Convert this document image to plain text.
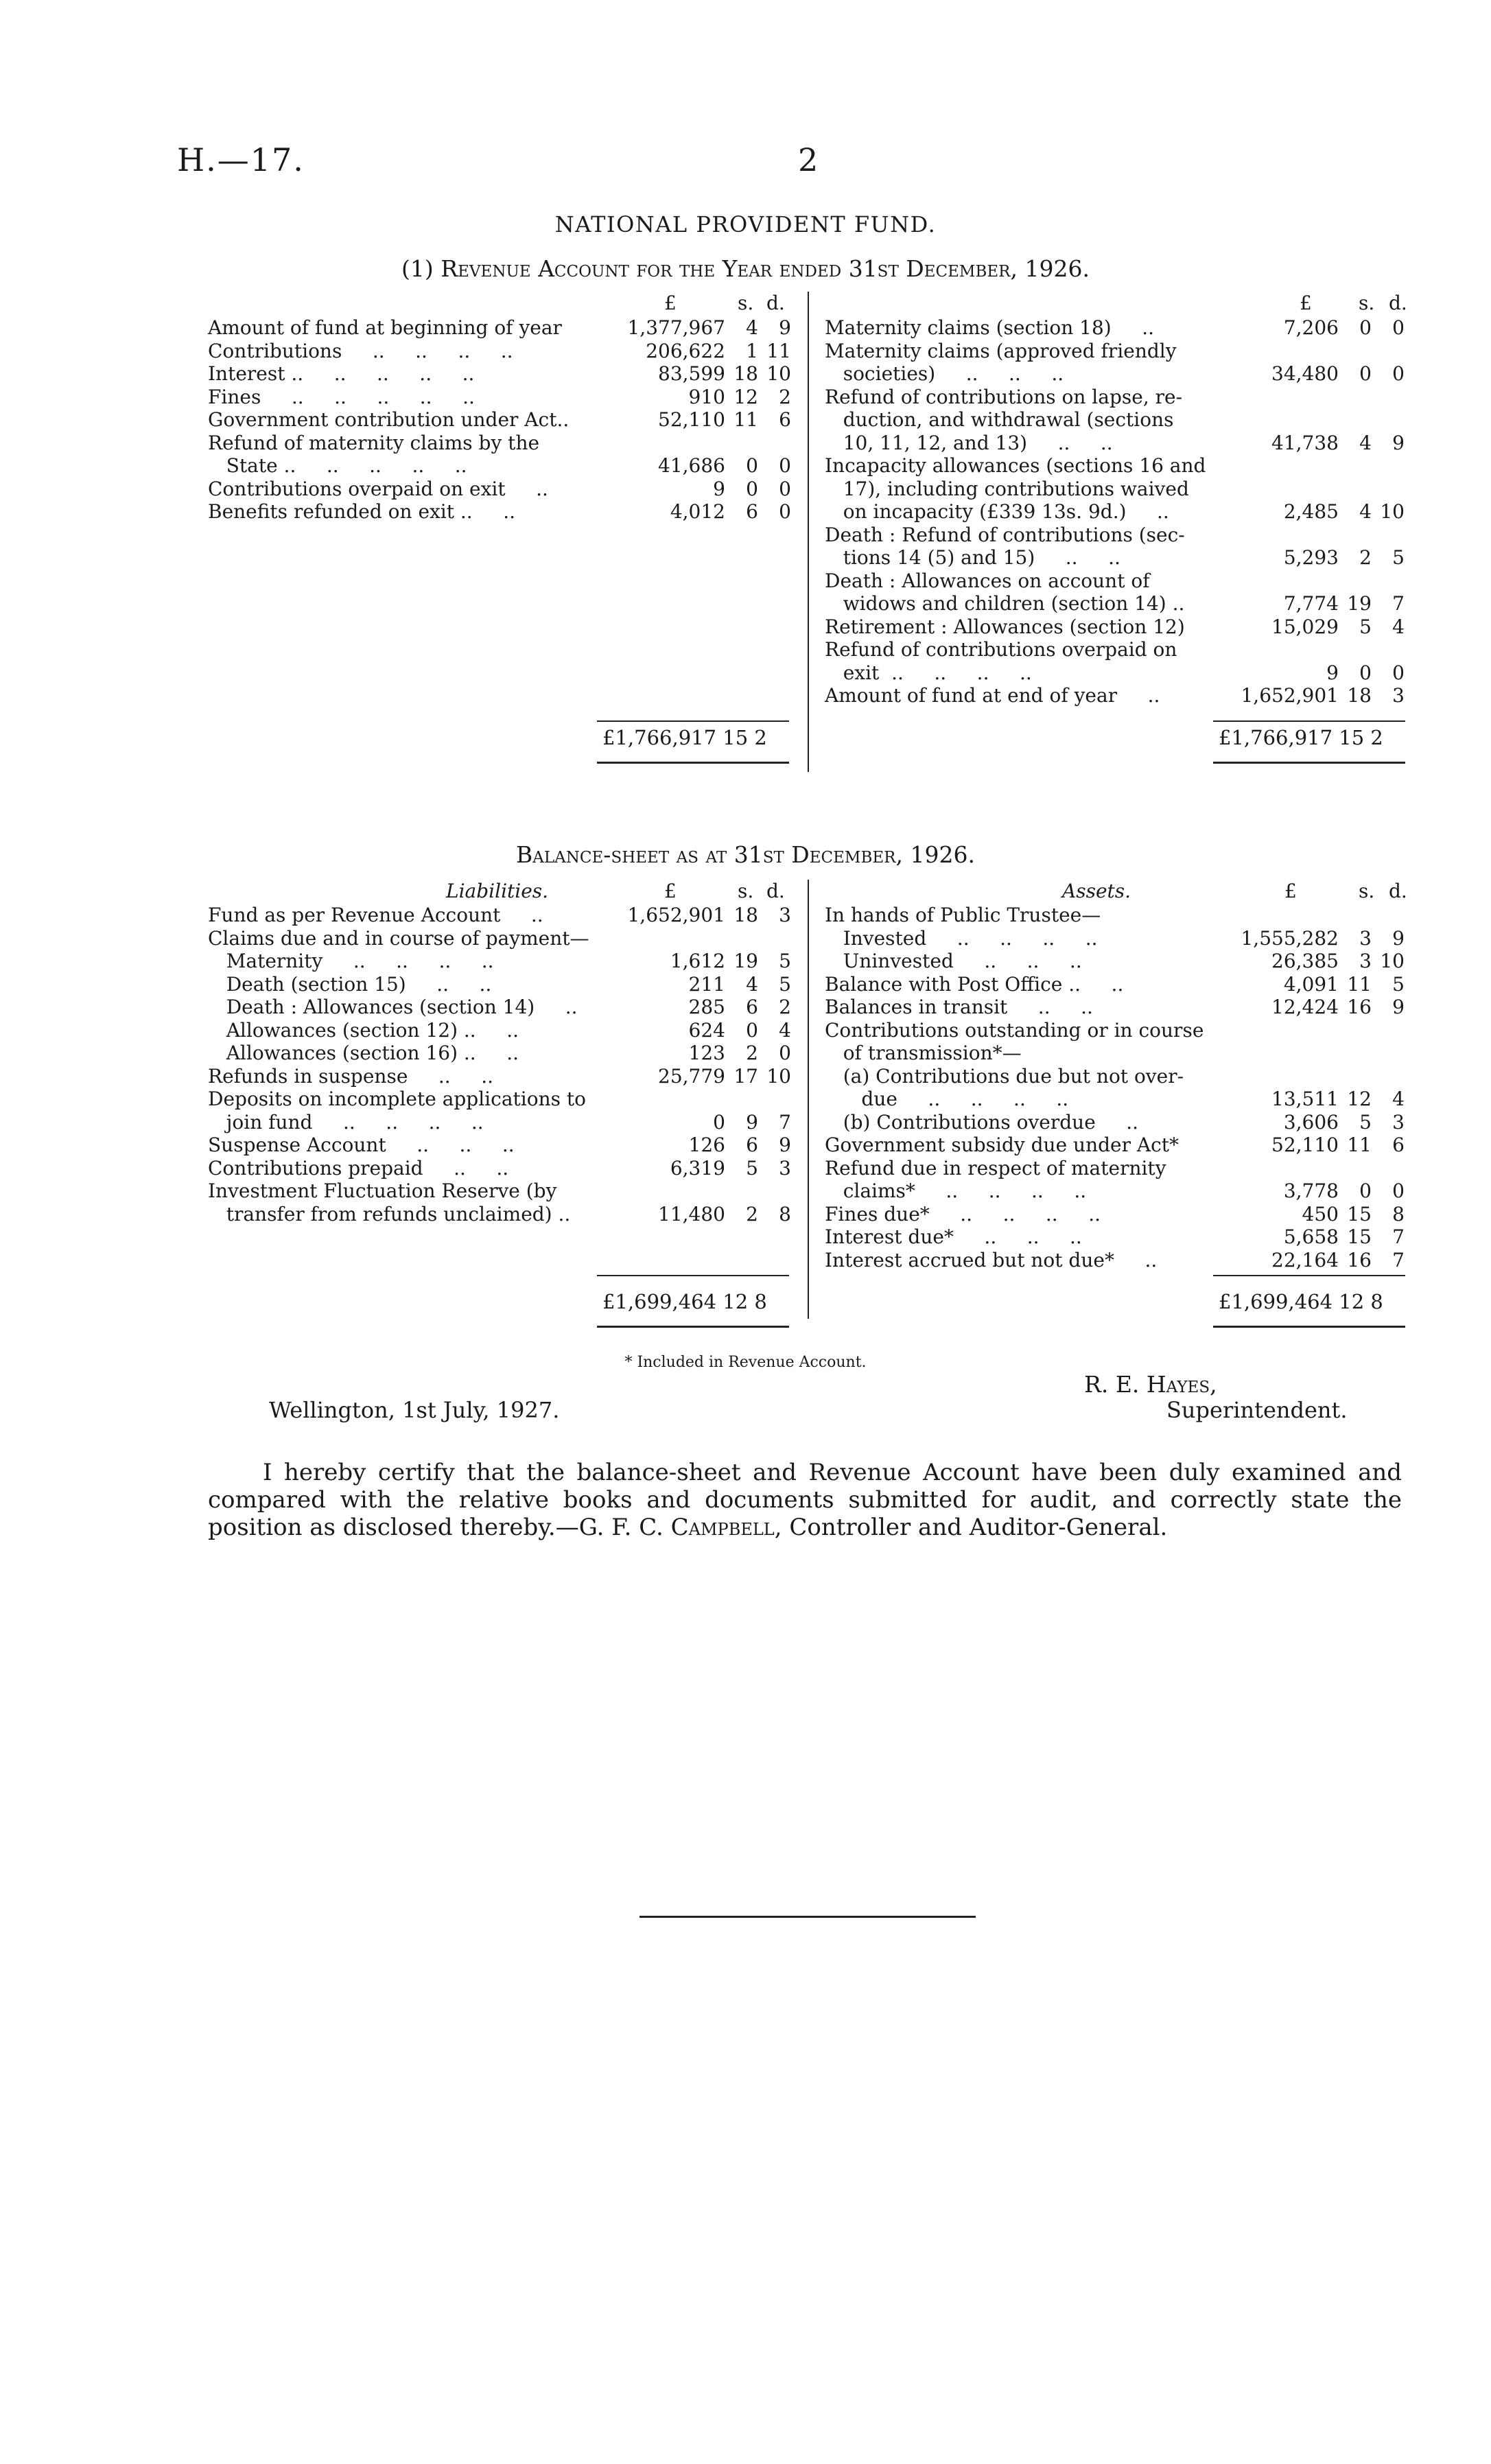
H.—17.	2
NATIONAL PROVIDENT FUND.
(1) Revenue Account for the Year ended 31st December, 1926.
£	s. d.	£ s. d.
Amount of fund at beginning of year	1,377,967 4 9
Contributions     ..     ..     ..     ..	206,622 1 11
Interest ..     ..     ..     ..     ..	83,599 18 10
Fines     ..     ..     ..     ..     ..	910 12 2
Government contribution under Act..	52,110 11 6
Refund of maternity claims by the
State ..     ..     ..     ..     ..	41,686 0 0
Contributions overpaid on exit     ..	9 0 0
Benefits refunded on exit ..     ..	4,012 6 0
Maternity claims (section 18)     ..	7,206 0 0
Maternity claims (approved friendly
societies)     ..     ..     ..	34,480 0 0
Refund of contributions on lapse, re-
duction, and withdrawal (sections
10, 11, 12, and 13)     ..     ..	41,738 4 9
Incapacity allowances (sections 16 and
17), including contributions waived
on incapacity (£339 13s. 9d.)     ..	2,485 4 10
Death : Refund of contributions (sec-
tions 14 (5) and 15)     ..     ..	5,293 2 5
Death : Allowances on account of
widows and children (section 14) ..	7,774 19 7
Retirement : Allowances (section 12)	15,029 5 4
Refund of contributions overpaid on
exit  ..     ..     ..     ..	9 0 0
Amount of fund at end of year     ..	1,652,901 18 3
£1,766,917 15 2	£1,766,917 15 2
Balance-sheet as at 31st December, 1926.
Liabilities.	£	s. d.	Assets.	£	s. d.
Fund as per Revenue Account     ..	1,652,901 18 3
Claims due and in course of payment—
Maternity     ..     ..     ..     ..	1,612 19 5
Death (section 15)     ..     ..	211 4 5
Death : Allowances (section 14)     ..	285 6 2
Allowances (section 12) ..     ..	624 0 4
Allowances (section 16) ..     ..	123 2 0
Refunds in suspense     ..     ..	25,779 17 10
Deposits on incomplete applications to
join fund     ..     ..     ..     ..	0 9 7
Suspense Account     ..     ..     ..	126 6 9
Contributions prepaid     ..     ..	6,319 5 3
Investment Fluctuation Reserve (by
transfer from refunds unclaimed) ..	11,480 2 8
In hands of Public Trustee—
Invested     ..     ..     ..     ..	1,555,282 3 9
Uninvested     ..     ..     ..	26,385 3 10
Balance with Post Office ..     ..	4,091 11 5
Balances in transit     ..     ..	12,424 16 9
Contributions outstanding or in course
of transmission*—
(a) Contributions due but not over-
due     ..     ..     ..     ..	13,511 12 4
(b) Contributions overdue     ..	3,606 5 3
Government subsidy due under Act*	52,110 11 6
Refund due in respect of maternity
claims*     ..     ..     ..     ..	3,778 0 0
Fines due*     ..     ..     ..     ..	450 15 8
Interest due*     ..     ..     ..	5,658 15 7
Interest accrued but not due*     ..	22,164 16 7
£1,699,464 12 8	£1,699,464 12 8
* Included in Revenue Account.
R. E. Hayes,
Superintendent.
Wellington, 1st July, 1927.
I hereby certify that the balance-sheet and Revenue Account have been duly examined and compared with the relative books and documents submitted for audit, and correctly state the position as disclosed thereby.—G. F. C. Campbell, Controller and Auditor-General.
